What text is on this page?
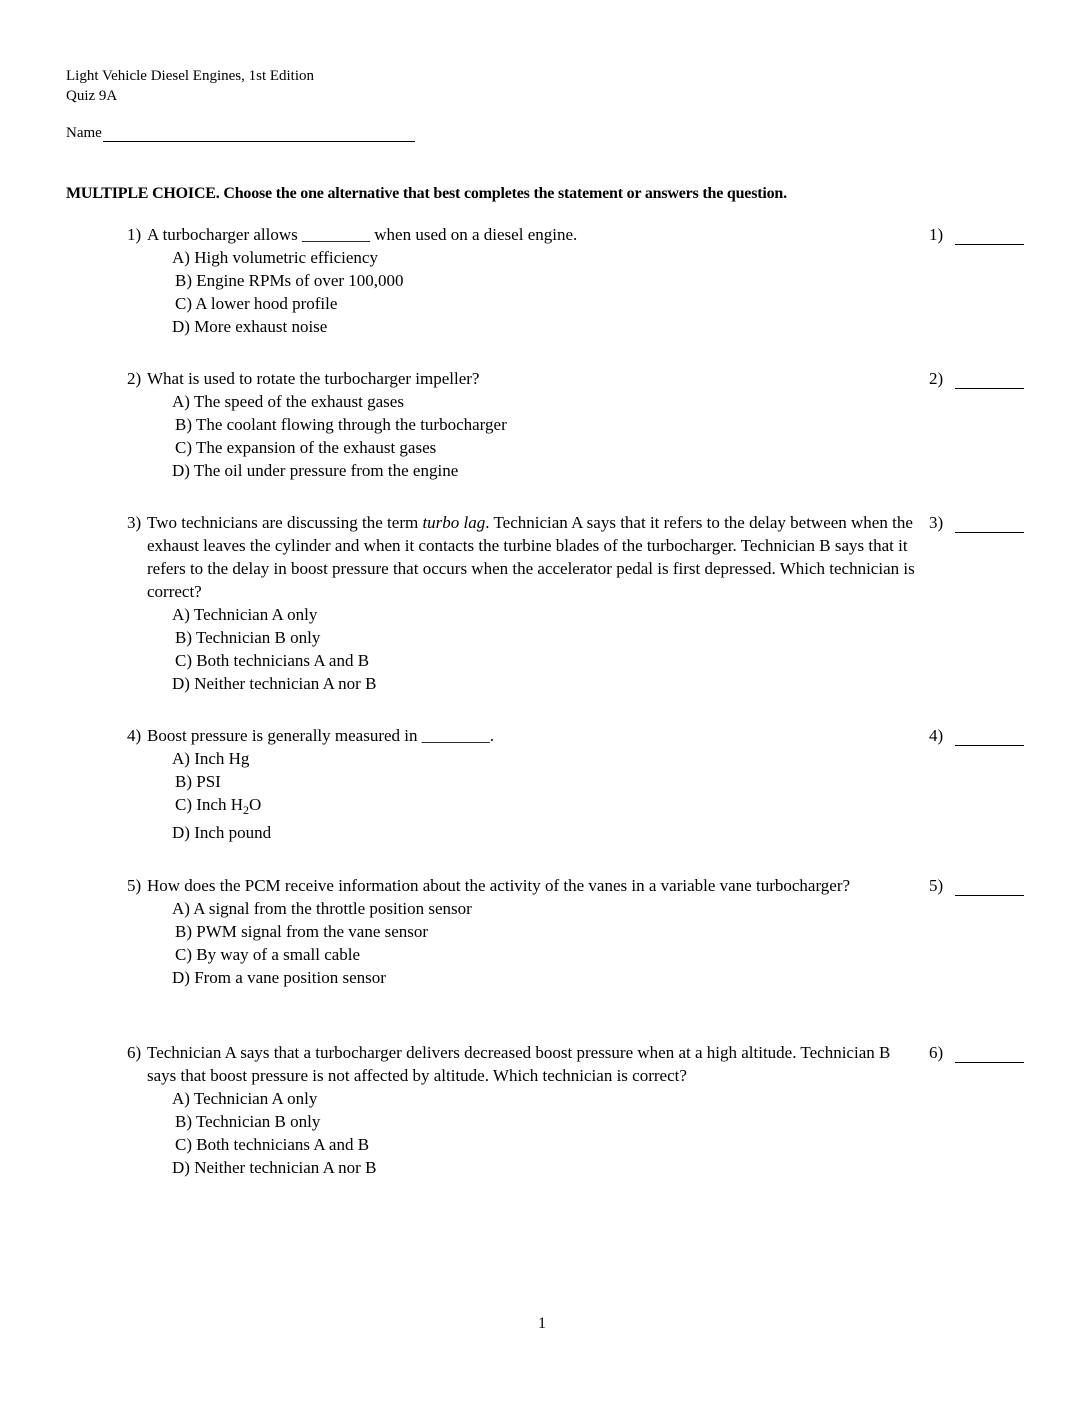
Light Vehicle Diesel Engines, 1st Edition
Quiz 9A
Name
MULTIPLE CHOICE. Choose the one alternative that best completes the statement or answers the question.
1) A turbocharger allows ________ when used on a diesel engine.
A) High volumetric efficiency
B) Engine RPMs of over 100,000
C) A lower hood profile
D) More exhaust noise
1)
2) What is used to rotate the turbocharger impeller?
A) The speed of the exhaust gases
B) The coolant flowing through the turbocharger
C) The expansion of the exhaust gases
D) The oil under pressure from the engine
2)
3) Two technicians are discussing the term turbo lag. Technician A says that it refers to the delay between when the exhaust leaves the cylinder and when it contacts the turbine blades of the turbocharger. Technician B says that it refers to the delay in boost pressure that occurs when the accelerator pedal is first depressed. Which technician is correct?
A) Technician A only
B) Technician B only
C) Both technicians A and B
D) Neither technician A nor B
3)
4) Boost pressure is generally measured in ________.
A) Inch Hg
B) PSI
C) Inch $H_2O$
D) Inch pound
4)
5) How does the PCM receive information about the activity of the vanes in a variable vane turbocharger?
A) A signal from the throttle position sensor
B) PWM signal from the vane sensor
C) By way of a small cable
D) From a vane position sensor
5)
6) Technician A says that a turbocharger delivers decreased boost pressure when at a high altitude. Technician B says that boost pressure is not affected by altitude. Which technician is correct?
A) Technician A only
B) Technician B only
C) Both technicians A and B
D) Neither technician A nor B
6)
1
